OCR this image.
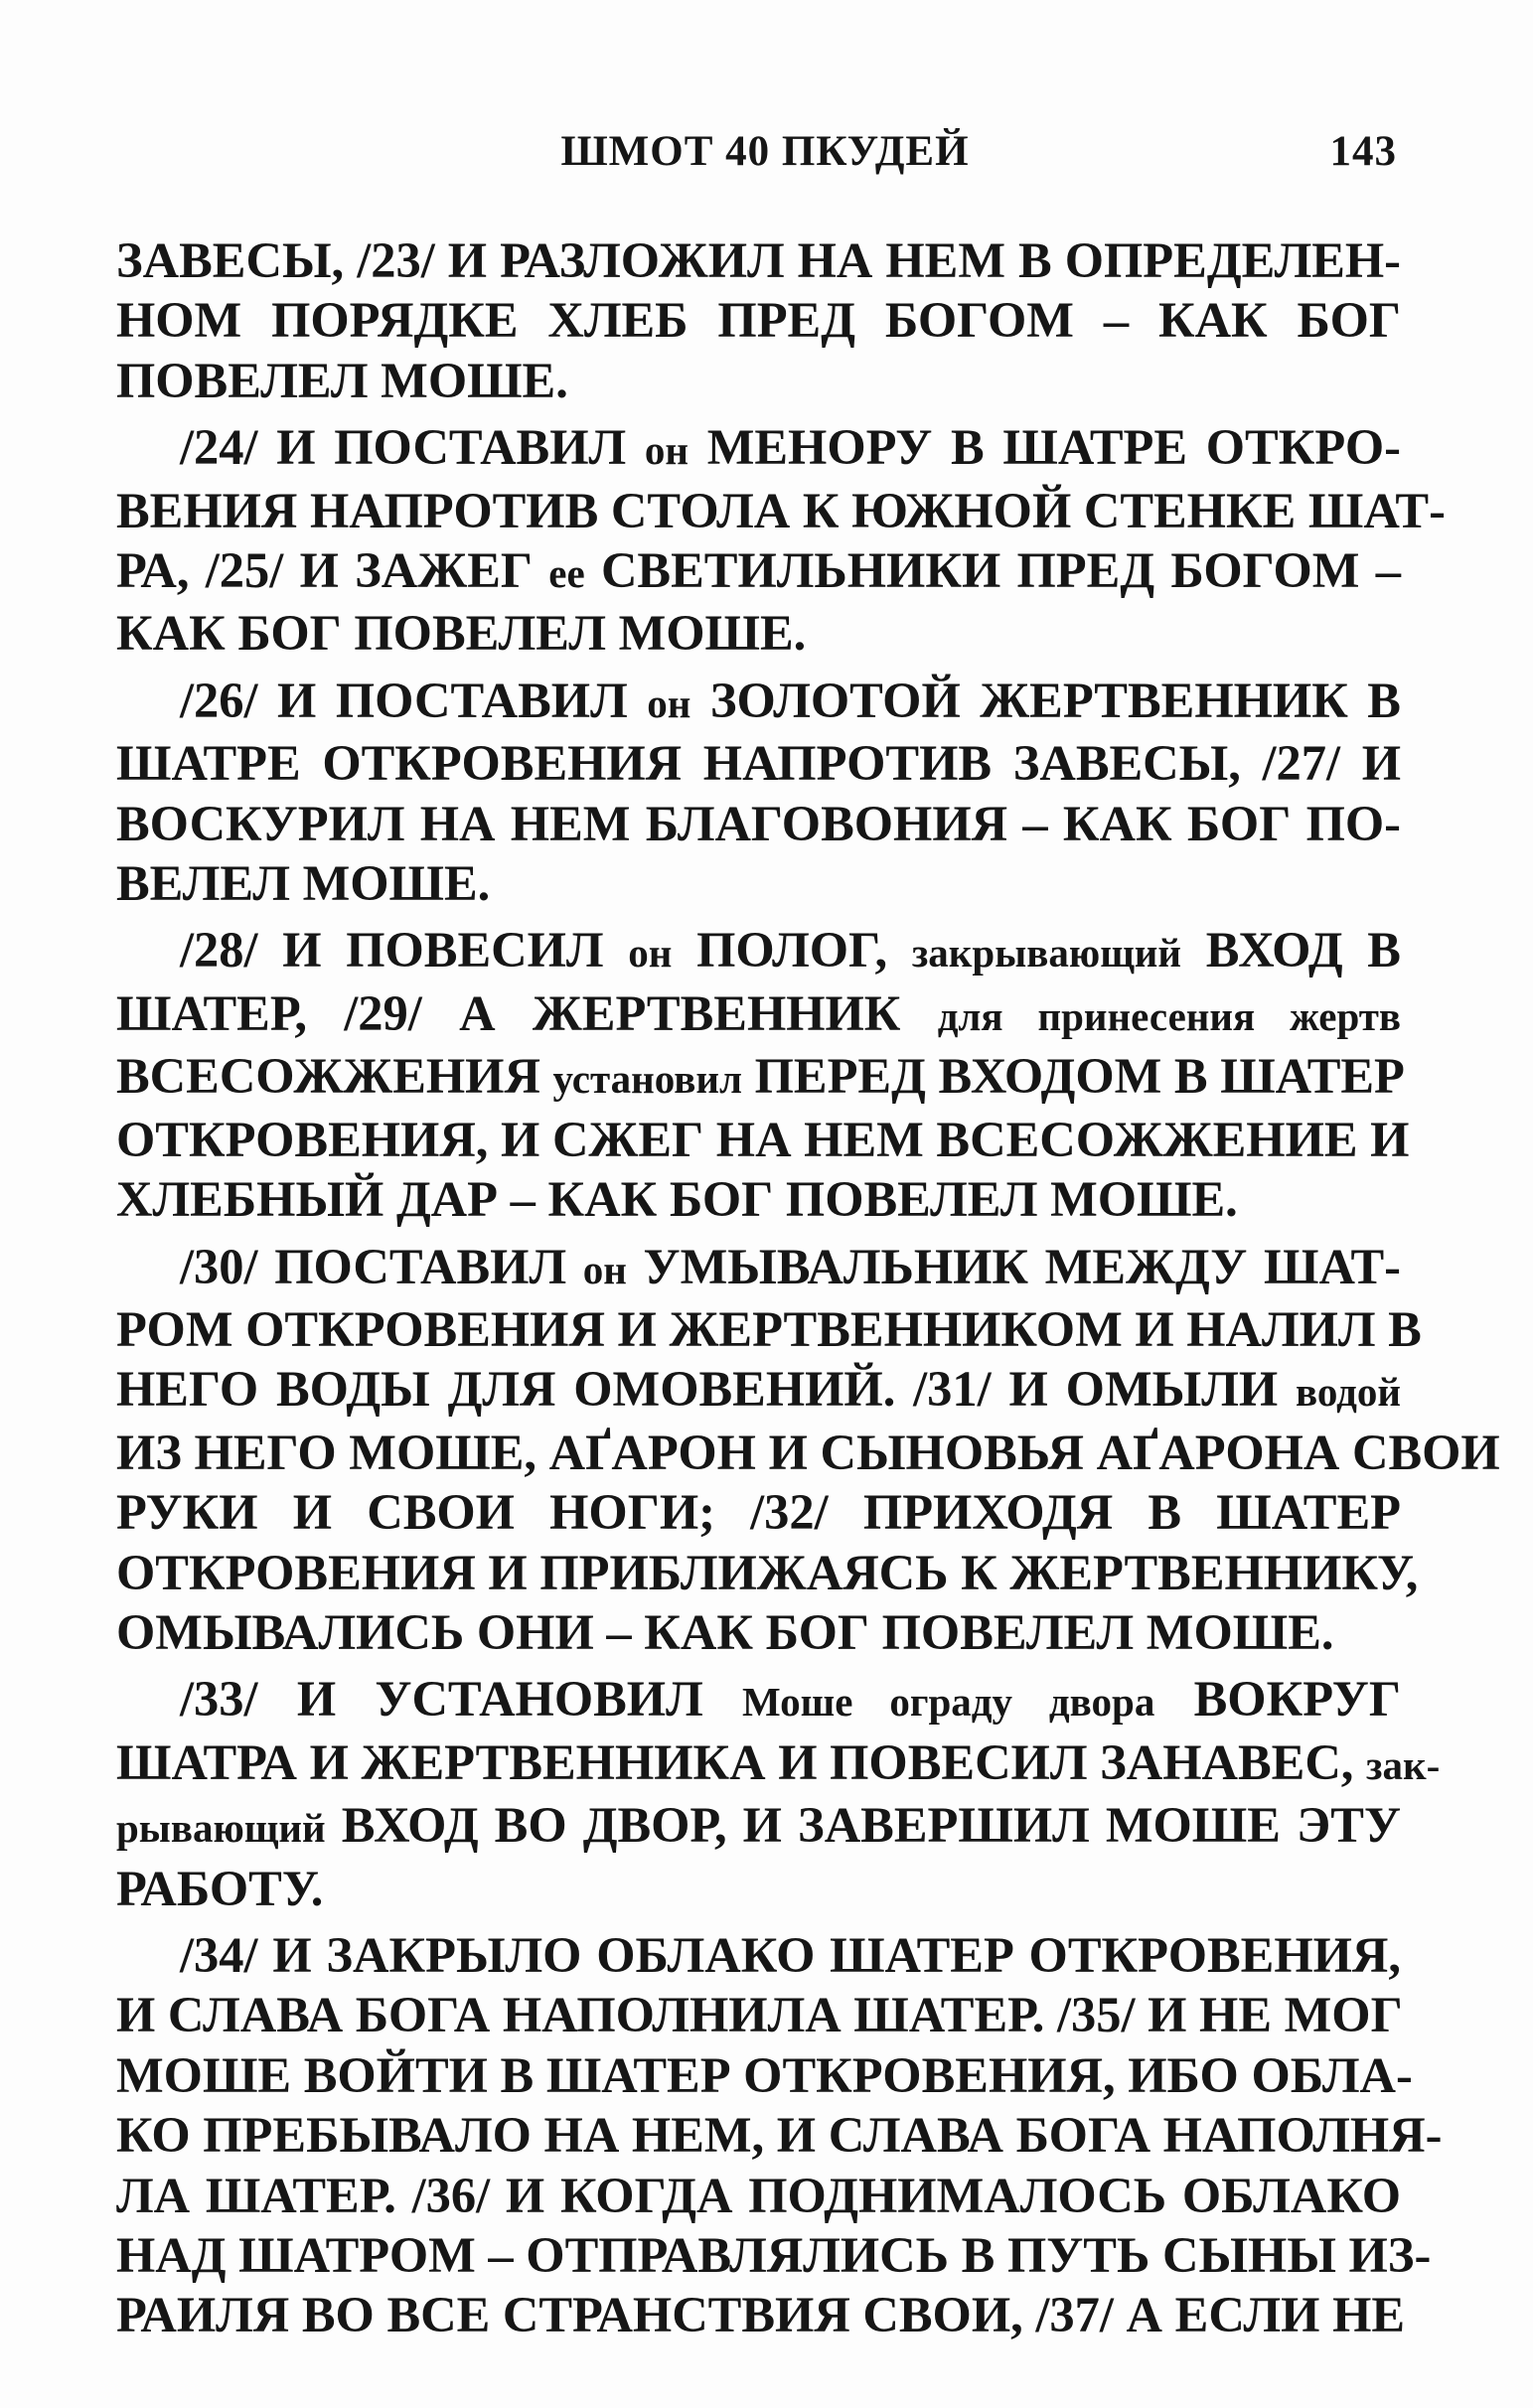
ШМОТ 40 ПКУДЕЙ	143
ЗАВЕСЫ, /23/ И РАЗЛОЖИЛ НА НЕМ В ОПРЕДЕЛЕН-
НОМ ПОРЯДКЕ ХЛЕБ ПРЕД БОГОМ – КАК БОГ
ПОВЕЛЕЛ МОШЕ.
/24/ И ПОСТАВИЛ он МЕНОРУ В ШАТРЕ ОТКРО-
ВЕНИЯ НАПРОТИВ СТОЛА К ЮЖНОЙ СТЕНКЕ ШАТ-
РА, /25/ И ЗАЖЕГ ее СВЕТИЛЬНИКИ ПРЕД БОГОМ –
КАК БОГ ПОВЕЛЕЛ МОШЕ.
/26/ И ПОСТАВИЛ он ЗОЛОТОЙ ЖЕРТВЕННИК В
ШАТРЕ ОТКРОВЕНИЯ НАПРОТИВ ЗАВЕСЫ, /27/ И
ВОСКУРИЛ НА НЕМ БЛАГОВОНИЯ – КАК БОГ ПО-
ВЕЛЕЛ МОШЕ.
/28/ И ПОВЕСИЛ он ПОЛОГ, закрывающий ВХОД В
ШАТЕР, /29/ А ЖЕРТВЕННИК для принесения жертв
ВСЕСОЖЖЕНИЯ установил ПЕРЕД ВХОДОМ В ШАТЕР
ОТКРОВЕНИЯ, И СЖЕГ НА НЕМ ВСЕСОЖЖЕНИЕ И
ХЛЕБНЫЙ ДАР – КАК БОГ ПОВЕЛЕЛ МОШЕ.
/30/ ПОСТАВИЛ он УМЫВАЛЬНИК МЕЖДУ ШАТ-
РОМ ОТКРОВЕНИЯ И ЖЕРТВЕННИКОМ И НАЛИЛ В
НЕГО ВОДЫ ДЛЯ ОМОВЕНИЙ. /31/ И ОМЫЛИ водой
ИЗ НЕГО МОШЕ, АҐАРОН И СЫНОВЬЯ АҐАРОНА СВОИ
РУКИ И СВОИ НОГИ; /32/ ПРИХОДЯ В ШАТЕР
ОТКРОВЕНИЯ И ПРИБЛИЖАЯСЬ К ЖЕРТВЕННИКУ,
ОМЫВАЛИСЬ ОНИ – КАК БОГ ПОВЕЛЕЛ МОШЕ.
/33/ И УСТАНОВИЛ Моше ограду двора ВОКРУГ
ШАТРА И ЖЕРТВЕННИКА И ПОВЕСИЛ ЗАНАВЕС, зак-
рывающий ВХОД ВО ДВОР, И ЗАВЕРШИЛ МОШЕ ЭТУ
РАБОТУ.
/34/ И ЗАКРЫЛО ОБЛАКО ШАТЕР ОТКРОВЕНИЯ,
И СЛАВА БОГА НАПОЛНИЛА ШАТЕР. /35/ И НЕ МОГ
МОШЕ ВОЙТИ В ШАТЕР ОТКРОВЕНИЯ, ИБО ОБЛА-
КО ПРЕБЫВАЛО НА НЕМ, И СЛАВА БОГА НАПОЛНЯ-
ЛА ШАТЕР. /36/ И КОГДА ПОДНИМАЛОСЬ ОБЛАКО
НАД ШАТРОМ – ОТПРАВЛЯЛИСЬ В ПУТЬ СЫНЫ ИЗ-
РАИЛЯ ВО ВСЕ СТРАНСТВИЯ СВОИ, /37/ А ЕСЛИ НЕ
